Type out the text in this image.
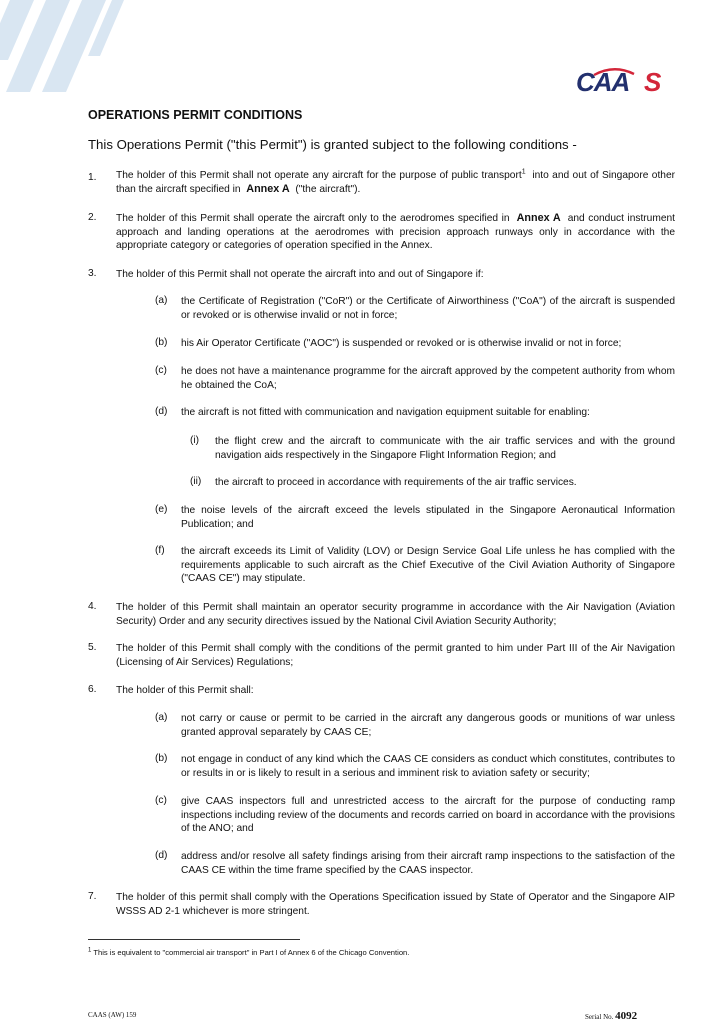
CAA S
OPERATIONS PERMIT CONDITIONS
This Operations Permit ("this Permit") is granted subject to the following conditions -
1. The holder of this Permit shall not operate any aircraft for the purpose of public transport$^1$ into and out of Singapore other than the aircraft specified in Annex A ("the aircraft").
2. The holder of this Permit shall operate the aircraft only to the aerodromes specified in Annex A and conduct instrument approach and landing operations at the aerodromes with precision approach runways only in accordance with the appropriate category or categories of operation specified in the Annex.
3. The holder of this Permit shall not operate the aircraft into and out of Singapore if:
(a) the Certificate of Registration ("CoR") or the Certificate of Airworthiness ("CoA") of the aircraft is suspended or revoked or is otherwise invalid or not in force;
(b) his Air Operator Certificate ("AOC") is suspended or revoked or is otherwise invalid or not in force;
(c) he does not have a maintenance programme for the aircraft approved by the competent authority from whom he obtained the CoA;
(d) the aircraft is not fitted with communication and navigation equipment suitable for enabling:
(i) the flight crew and the aircraft to communicate with the air traffic services and with the ground navigation aids respectively in the Singapore Flight Information Region; and
(ii) the aircraft to proceed in accordance with requirements of the air traffic services.
(e) the noise levels of the aircraft exceed the levels stipulated in the Singapore Aeronautical Information Publication; and
(f) the aircraft exceeds its Limit of Validity (LOV) or Design Service Goal Life unless he has complied with the requirements applicable to such aircraft as the Chief Executive of the Civil Aviation Authority of Singapore ("CAAS CE") may stipulate.
4. The holder of this Permit shall maintain an operator security programme in accordance with the Air Navigation (Aviation Security) Order and any security directives issued by the National Civil Aviation Security Authority;
5. The holder of this Permit shall comply with the conditions of the permit granted to him under Part III of the Air Navigation (Licensing of Air Services) Regulations;
6. The holder of this Permit shall:
(a) not carry or cause or permit to be carried in the aircraft any dangerous goods or munitions of war unless granted approval separately by CAAS CE;
(b) not engage in conduct of any kind which the CAAS CE considers as conduct which constitutes, contributes to or results in or is likely to result in a serious and imminent risk to aviation safety or security;
(c) give CAAS inspectors full and unrestricted access to the aircraft for the purpose of conducting ramp inspections including review of the documents and records carried on board in accordance with the provisions of the ANO; and
(d) address and/or resolve all safety findings arising from their aircraft ramp inspections to the satisfaction of the CAAS CE within the time frame specified by the CAAS inspector.
7. The holder of this permit shall comply with the Operations Specification issued by State of Operator and the Singapore AIP WSSS AD 2-1 whichever is more stringent.
$^1$ This is equivalent to "commercial air transport" in Part I of Annex 6 of the Chicago Convention.
CAAS (AW) 159	Serial No. 4092
